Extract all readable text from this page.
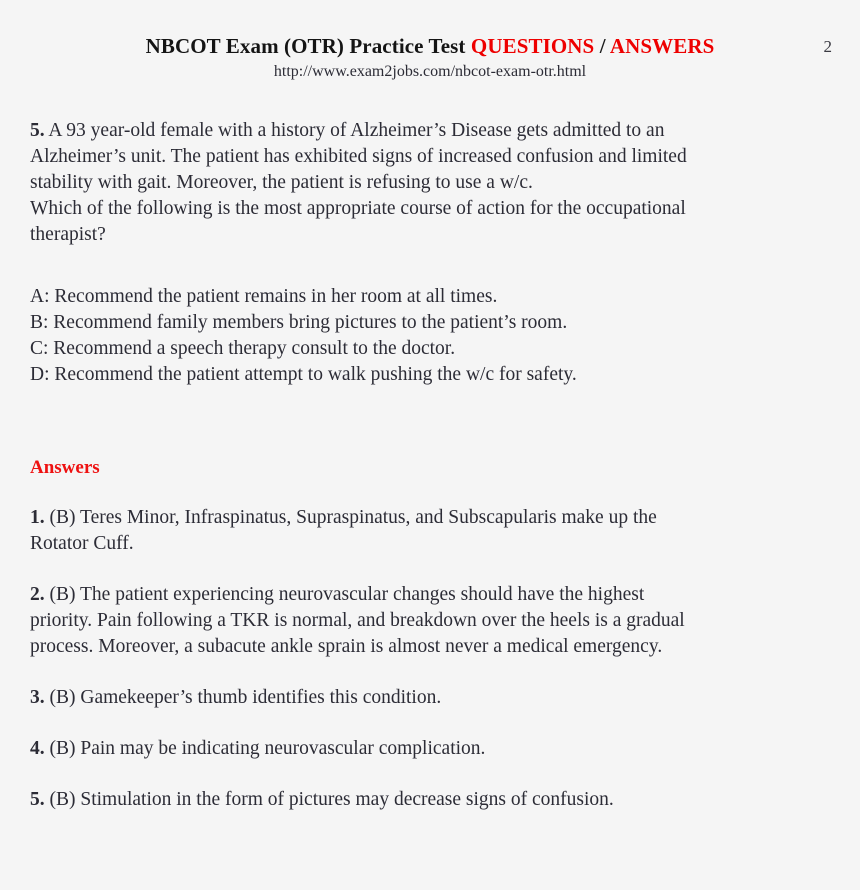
NBCOT Exam (OTR) Practice Test QUESTIONS / ANSWERS	2
http://www.exam2jobs.com/nbcot-exam-otr.html
5. A 93 year-old female with a history of Alzheimer’s Disease gets admitted to an
Alzheimer’s unit. The patient has exhibited signs of increased confusion and limited
stability with gait. Moreover, the patient is refusing to use a w/c.
Which of the following is the most appropriate course of action for the occupational
therapist?
A: Recommend the patient remains in her room at all times.
B: Recommend family members bring pictures to the patient’s room.
C: Recommend a speech therapy consult to the doctor.
D: Recommend the patient attempt to walk pushing the w/c for safety.
Answers
1. (B) Teres Minor, Infraspinatus, Supraspinatus, and Subscapularis make up the
Rotator Cuff.
2. (B) The patient experiencing neurovascular changes should have the highest
priority. Pain following a TKR is normal, and breakdown over the heels is a gradual
process. Moreover, a subacute ankle sprain is almost never a medical emergency.
3. (B) Gamekeeper’s thumb identifies this condition.
4. (B) Pain may be indicating neurovascular complication.
5. (B) Stimulation in the form of pictures may decrease signs of confusion.
